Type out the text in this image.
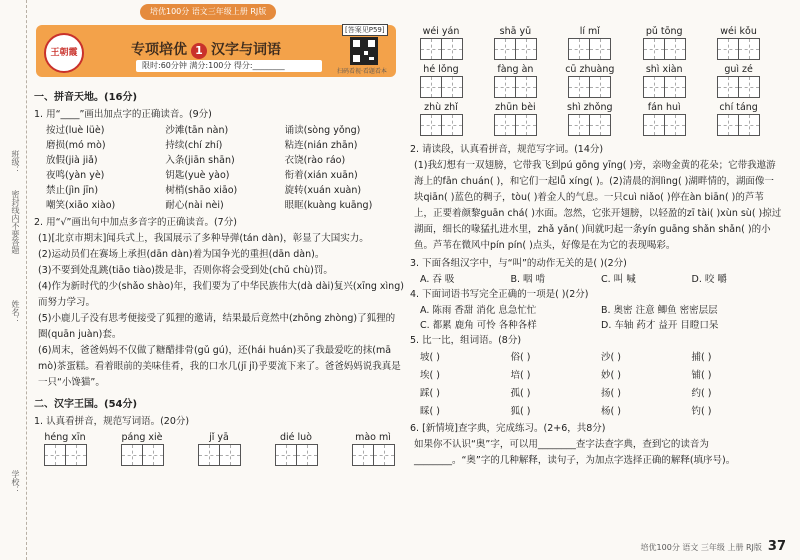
班级：
密封线内不要答题
姓名：
学校：
培优100分 语文三年级上册 RJ版
王朝霞	专项培优 1 汉字与词语
限时:60分钟 满分:100分 得分:________
[答案见P59]
扫码看视·看题看本
一、拼音天地。(16分)
1. 用“____”画出加点字的正确读音。(9分)
按过(luè lüè)	沙滩(tān nàn)	诵读(sòng yǒng)
磨损(mó mò)	持续(chí zhí)	粘连(nián zhān)
放假(jià jiǎ)	入条(jiān shān)	衣饶(rào ráo)
夜鸣(yàn yè)	钥匙(yuè yào)	衔着(xián xuān)
禁止(jìn jīn)	树梢(shāo xiāo)	旋转(xuán xuàn)
嘲笑(xiāo xiào)	耐心(nài nèi)	眼眶(kuàng kuāng)
2. 用“√”画出句中加点多音字的正确读音。(7分)
(1)[北京市期末]闻兵式上，我国展示了多种导弹(tán dàn)，彰显了大国实力。
(2)运动员们在赛场上承担(dān dàn)着为国争光的重担(dān dàn)。
(3)不要到处乱跳(tiāo tiào)拨是非，否则你将会受到处(chǔ chù)罚。
(4)作为新时代的少(shǎo shào)年，我们要为了中华民族伟大(dà dài)复兴(xīng xìng)而努力学习。
(5)小鹿儿子没有思考便接受了狐狸的邀请，结果最后竟然中(zhōng zhòng)了狐狸的圈(quān juàn)套。
(6)周末，爸爸妈妈不仅做了糖醋排骨(gǔ gú)，还(hái huán)买了我最爱吃的抹(mā mò)茶蛋糕。看着眼前的美味佳肴，我的口水几(jī jǐ)乎要流下来了。爸爸妈妈说我真是一只“小馋猫”。
二、汉字王国。(54分)
1. 认真看拼音，规范写词语。(20分)
héng xīn	páng xiè	jǐ yā	dié luò	mào mì
wéi yán	shā yǔ	lí mǐ	pǔ tōng	wéi kǒu
hé lǒng	fàng àn	cū zhuàng	shì xiàn	guì zé
zhù zhǐ	zhūn bèi	shì zhǒng	fán huì	chí táng
2. 请读段，认真看拼音，规范写字词。(14分)
(1)我幻想有一双翅膀，它带我飞到pú gōng yīng( )旁，亲吻金黄的花朵；它带我遨游海上的fān chuán( )，和它们一起lǚ xíng( )。(2)清晨的润lìng( )湖畔情的，湖面像一块qiān( )蓝色的稠子，tòu( )着金人的气息。一只cuì niǎo( )停在àn biān( )的芦苇上，正要着颜黎guān chá( )水面。忽然，它张开翅膀，以轻盈的zī tài( )xùn sù( )掠过湖面，细长的喙猛扎进水里，zhǎ yǎn( )间就叼起一条yín guāng shǎn shǎn( )的小鱼。芦苇在微风中pín pín( )点头，好像是在为它的表现喝彩。
3. 下面各组汉字中，与“叫”的动作无关的是( )(2分)
A. 吞 吸	B. 咽 啃	C. 叫 喊	D. 咬 嚼
4. 下面词语书写完全正确的一项是( )(2分)
A. 陈雨 香甜 消化 息急忙忙	B. 奥密 注意 鲫鱼 密密层层
C. 都累 鹿角 可怜 各种各样	D. 车轴 药才 益开 目瞪口呆
5. 比一比，组词语。(8分)
坡( )	俗( )	沙( )	捕( )
埃( )	培( )	妙( )	铺( )
踩( )	孤( )	扬( )	约( )
睬( )	狐( )	杨( )	钓( )
6. [新情境]查字典，完成练习。(2+6，共8分)
如果你不认识“奥”字，可以用________查字法查字典，查到它的读音为________。“奥”字的几种解释，读句子，为加点字选择正确的解释(填序号)。
培优100分 语文 三年级 上册 RJ版 37
